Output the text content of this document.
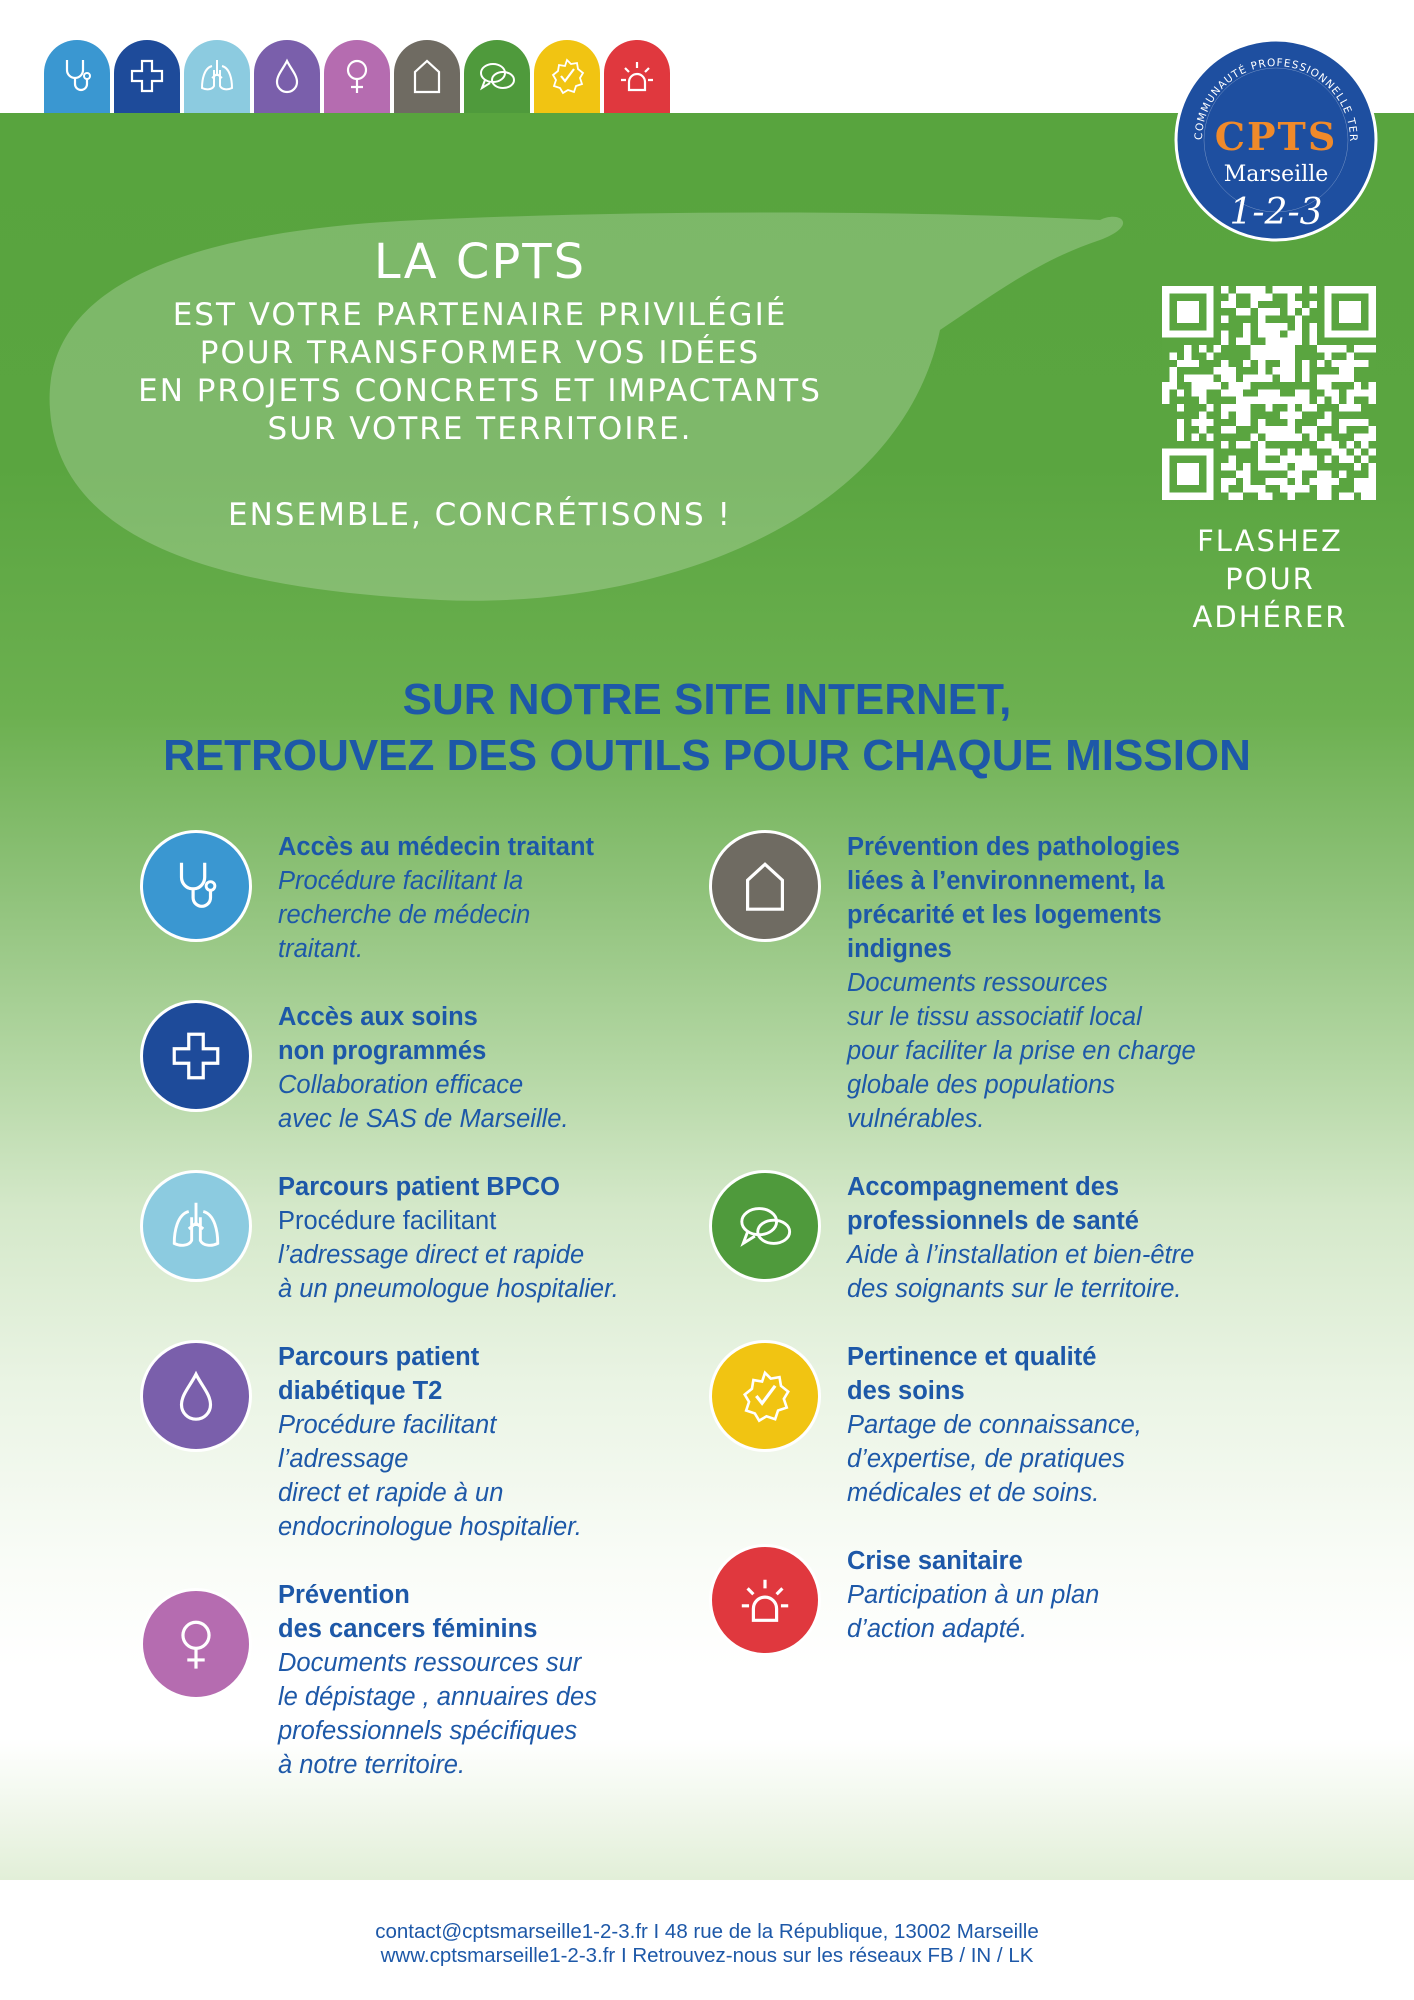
LA CPTS
EST VOTRE PARTENAIRE PRIVILÉGIÉ
POUR TRANSFORMER VOS IDÉES
EN PROJETS CONCRETS ET IMPACTANTS
SUR VOTRE TERRITOIRE.
ENSEMBLE, CONCRÉTISONS !
COMMUNAUTÉ PROFESSIONNELLE TER
CPTS
Marseille
1-2-3
FLASHEZ
POUR
ADHÉRER
SUR NOTRE SITE INTERNET,
RETROUVEZ DES OUTILS POUR CHAQUE MISSION
Accès au médecin traitant
Procédure facilitant la
recherche de médecin
traitant.
Accès aux soins
non programmés
Collaboration efficace
avec le SAS de Marseille.
Parcours patient BPCO
Procédure facilitant
l’adressage direct et rapide
à un pneumologue hospitalier.
Parcours patient
diabétique T2
Procédure facilitant
l’adressage
direct et rapide à un
endocrinologue hospitalier.
Prévention
des cancers féminins
Documents ressources sur
le dépistage , annuaires des
professionnels spécifiques
à notre territoire.
Prévention des pathologies
liées à l’environnement, la
précarité et les logements
indignes
Documents ressources
sur le tissu associatif local
pour faciliter la prise en charge
globale des populations
vulnérables.
Accompagnement des
professionnels de santé
Aide à l’installation et bien-être
des soignants sur le territoire.
Pertinence et qualité
des soins
Partage de connaissance,
d’expertise, de pratiques
médicales et de soins.
Crise sanitaire
Participation à un plan
d’action adapté.
contact@cptsmarseille1-2-3.fr I 48 rue de la République, 13002 Marseille
www.cptsmarseille1-2-3.fr I Retrouvez-nous sur les réseaux FB / IN / LK
